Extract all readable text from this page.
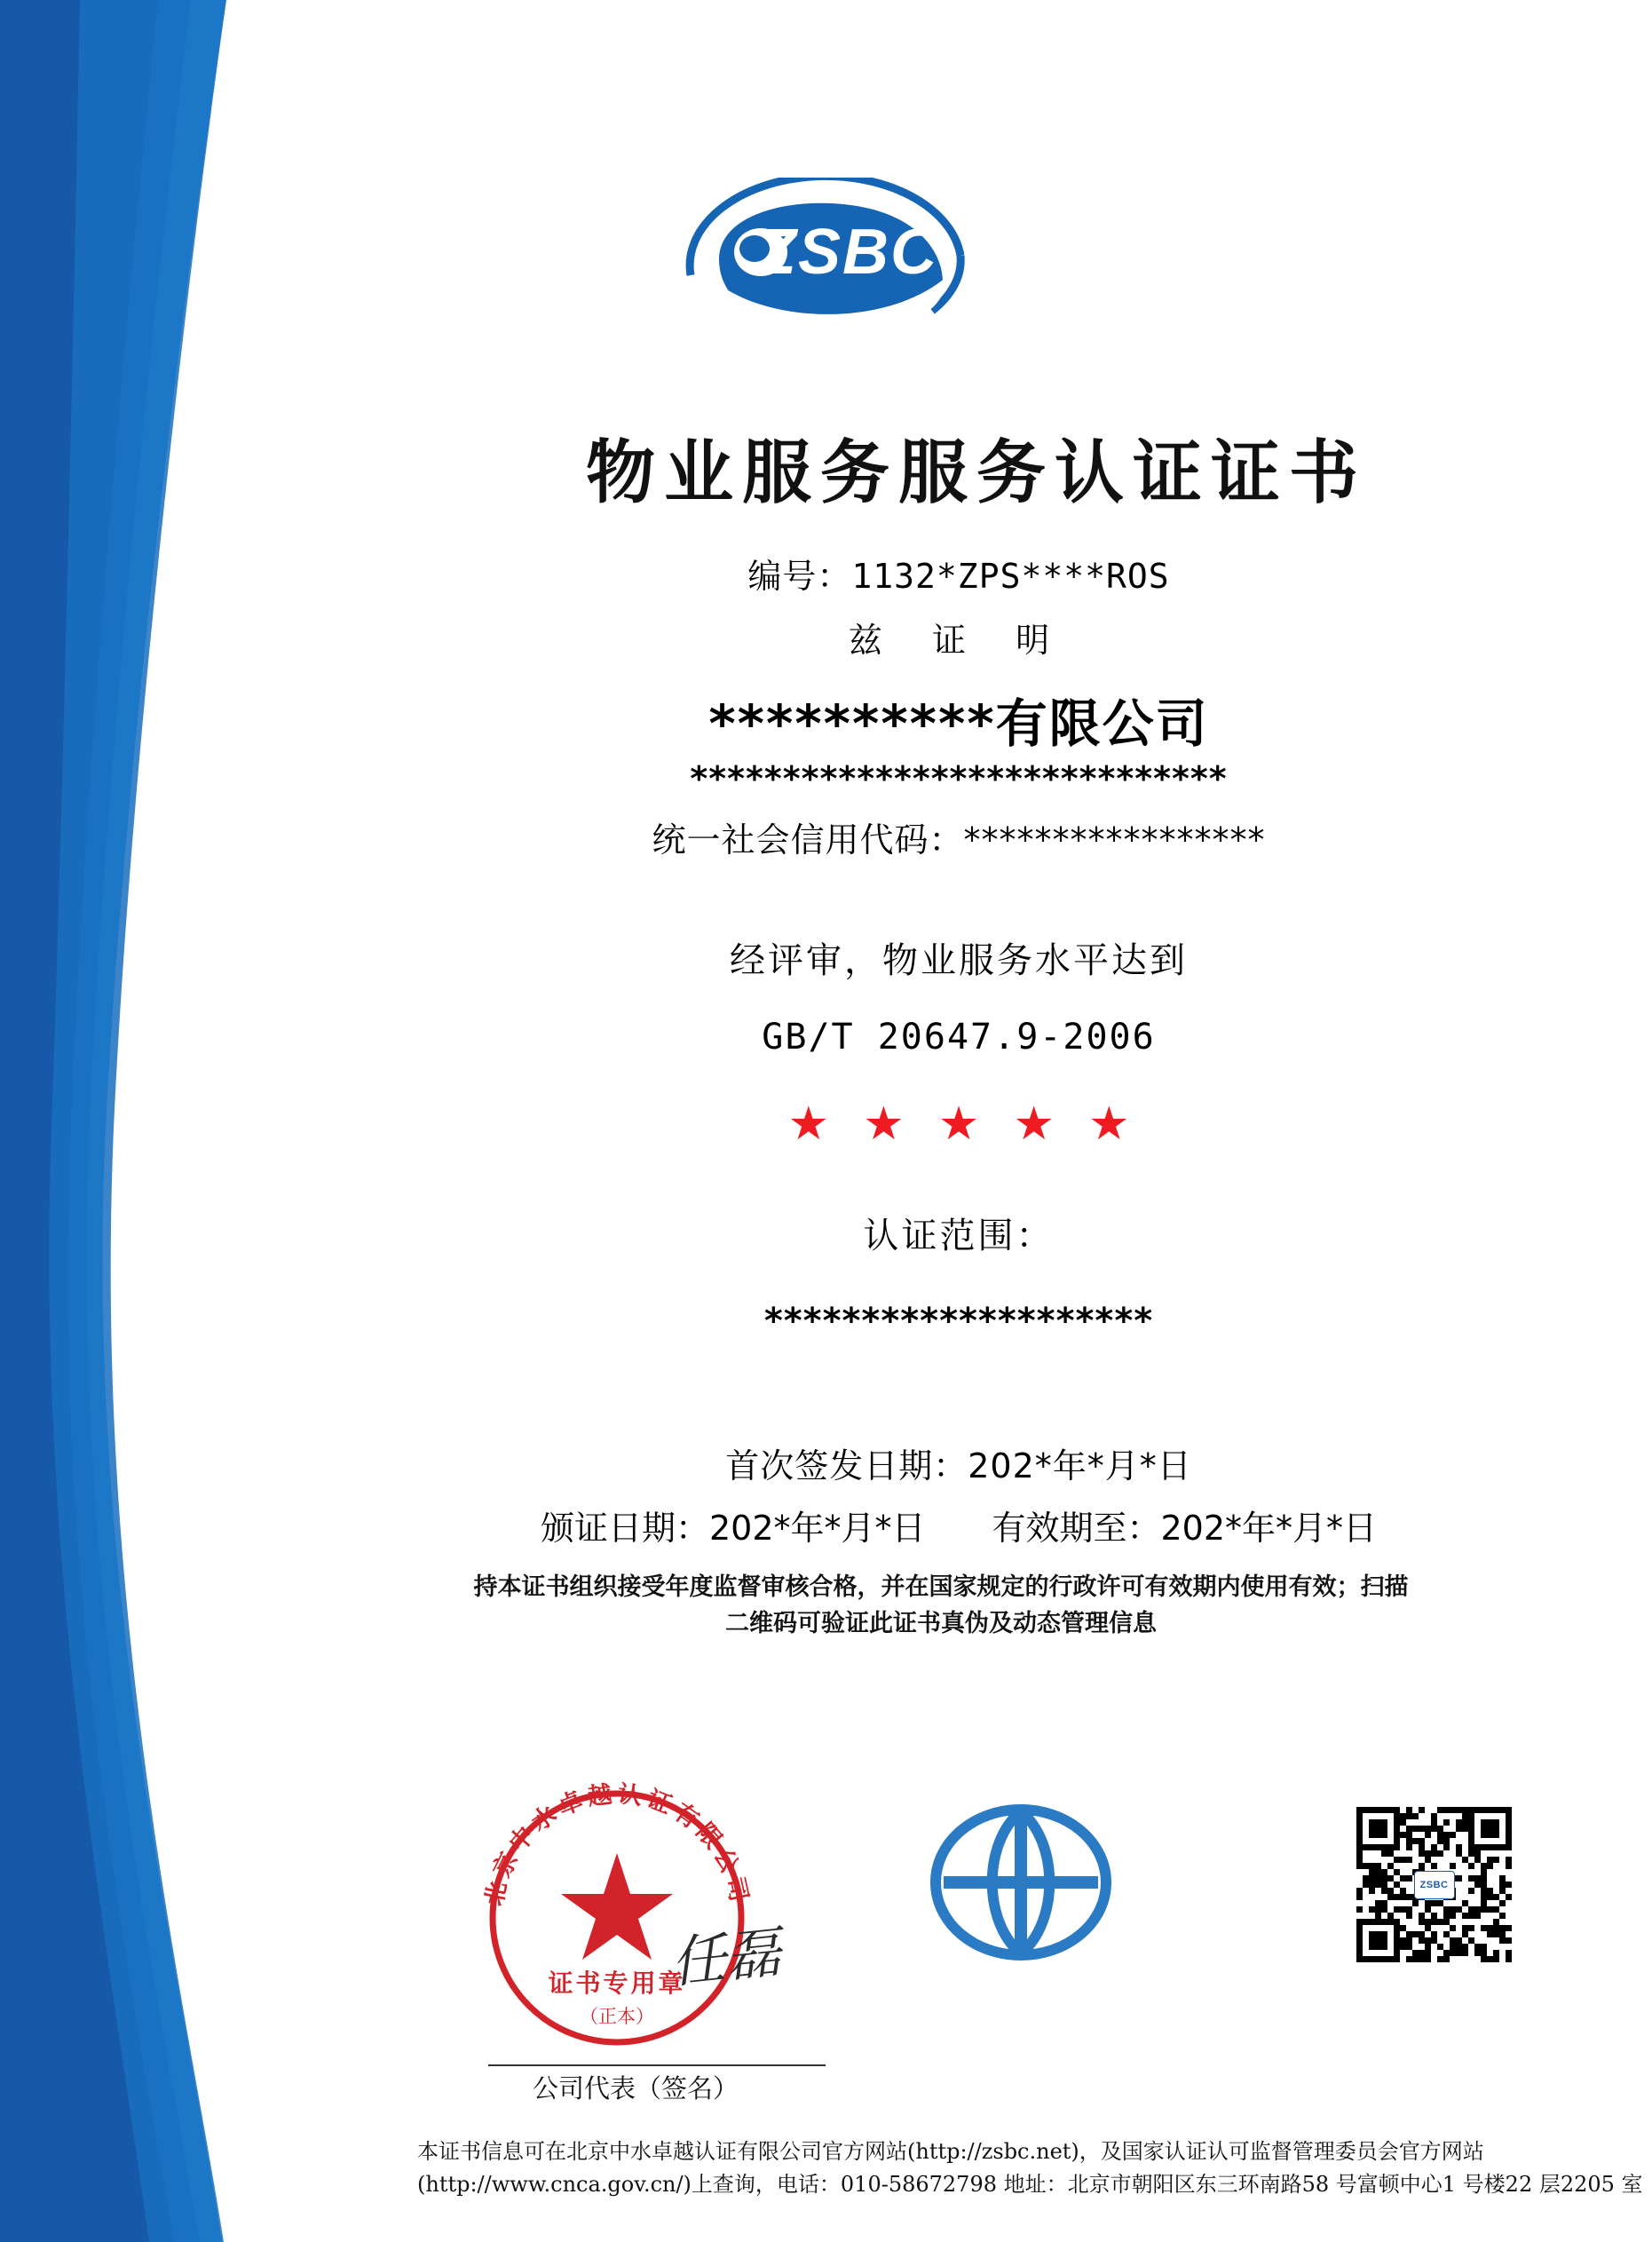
ZSBC
物业服务服务认证证书
编号：1132*ZPS****ROS
兹 证 明
**********有限公司
*****************************
统一社会信用代码：*****************
经评审，物业服务水平达到
GB/T 20647.9-2006
★ ★ ★ ★ ★
认证范围：
********************
首次签发日期：202*年*月*日
颁证日期：202*年*月*日 有效期至：202*年*月*日
持本证书组织接受年度监督审核合格，并在国家规定的行政许可有效期内使用有效；扫描
二维码可验证此证书真伪及动态管理信息
北京中水卓越认证有限公司
证书专用章
（正本）
任磊
公司代表（签名）
ZSBC
本证书信息可在北京中水卓越认证有限公司官方网站(http://zsbc.net)，及国家认证认可监督管理委员会官方网站
(http://www.cnca.gov.cn/)上查询，电话：010-58672798 地址：北京市朝阳区东三环南路58 号富顿中心1 号楼22 层2205 室
